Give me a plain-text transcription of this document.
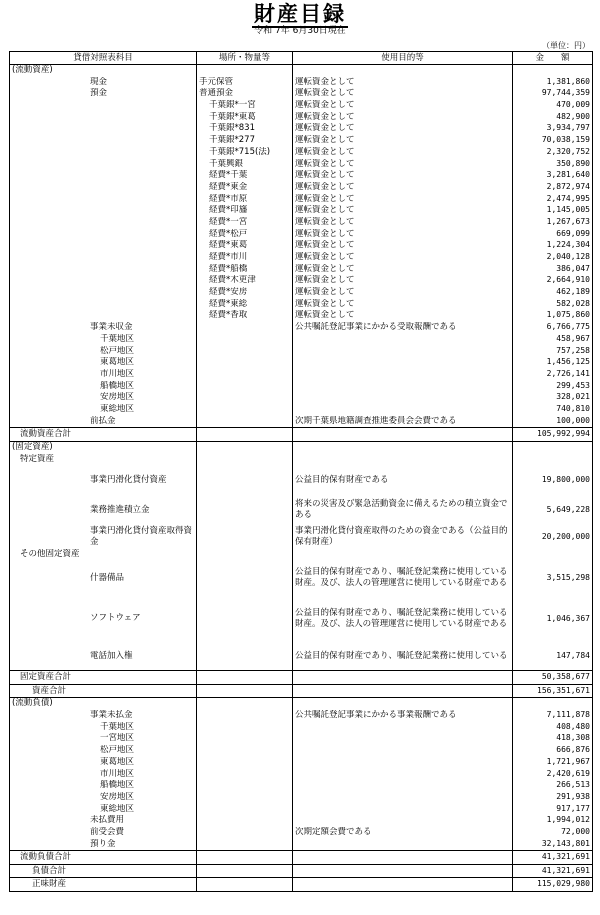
財産目録
令和 7年 6月30日現在
（単位：円）
貸借対照表科目	場所・物量等	使用目的等	金　　額
(流動資産)			
現金	手元保管	運転資金として	1,381,860
預金	普通預金	運転資金として	97,744,359
	千葉銀*一宮	運転資金として	470,009
	千葉銀*東葛	運転資金として	482,900
	千葉銀*831	運転資金として	3,934,797
	千葉銀*277	運転資金として	70,038,159
	千葉銀*715(法)	運転資金として	2,320,752
	千葉興銀	運転資金として	350,890
	経費*千葉	運転資金として	3,281,640
	経費*東金	運転資金として	2,872,974
	経費*市原	運転資金として	2,474,995
	経費*印旛	運転資金として	1,145,005
	経費*一宮	運転資金として	1,267,673
	経費*松戸	運転資金として	669,099
	経費*東葛	運転資金として	1,224,304
	経費*市川	運転資金として	2,040,128
	経費*船橋	運転資金として	386,047
	経費*木更津	運転資金として	2,664,910
	経費*安房	運転資金として	462,189
	経費*東総	運転資金として	582,028
	経費*香取	運転資金として	1,075,860
事業未収金		公共嘱託登記事業にかかる受取報酬である	6,766,775
千葉地区			458,967
松戸地区			757,258
東葛地区			1,456,125
市川地区			2,726,141
船橋地区			299,453
安房地区			328,021
東総地区			740,810
前払金		次期千葉県地籍調査推進委員会会費である	100,000
流動資産合計			105,992,994
(固定資産)			
特定資産			
事業円滑化貸付資産		公益目的保有財産である	19,800,000
業務推進積立金		将来の災害及び緊急活動資金に備えるための積立資金である	5,649,228
事業円滑化貸付資産取得資金		事業円滑化貸付資産取得のための資金である（公益目的保有財産）	20,200,000
その他固定資産			
什器備品		公益目的保有財産であり、嘱託登記業務に使用している財産。及び、法人の管理運営に使用している財産である	3,515,298
ソフトウェア		公益目的保有財産であり、嘱託登記業務に使用している財産。及び、法人の管理運営に使用している財産である	1,046,367
電話加入権		公益目的保有財産であり、嘱託登記業務に使用している	147,784
固定資産合計			50,358,677
資産合計			156,351,671
(流動負債)			
事業未払金		公共嘱託登記事業にかかる事業報酬である	7,111,878
千葉地区			408,480
一宮地区			418,308
松戸地区			666,876
東葛地区			1,721,967
市川地区			2,420,619
船橋地区			266,513
安房地区			291,938
東総地区			917,177
未払費用			1,994,012
前受会費		次期定額会費である	72,000
預り金			32,143,801
流動負債合計			41,321,691
負債合計			41,321,691
正味財産			115,029,980
